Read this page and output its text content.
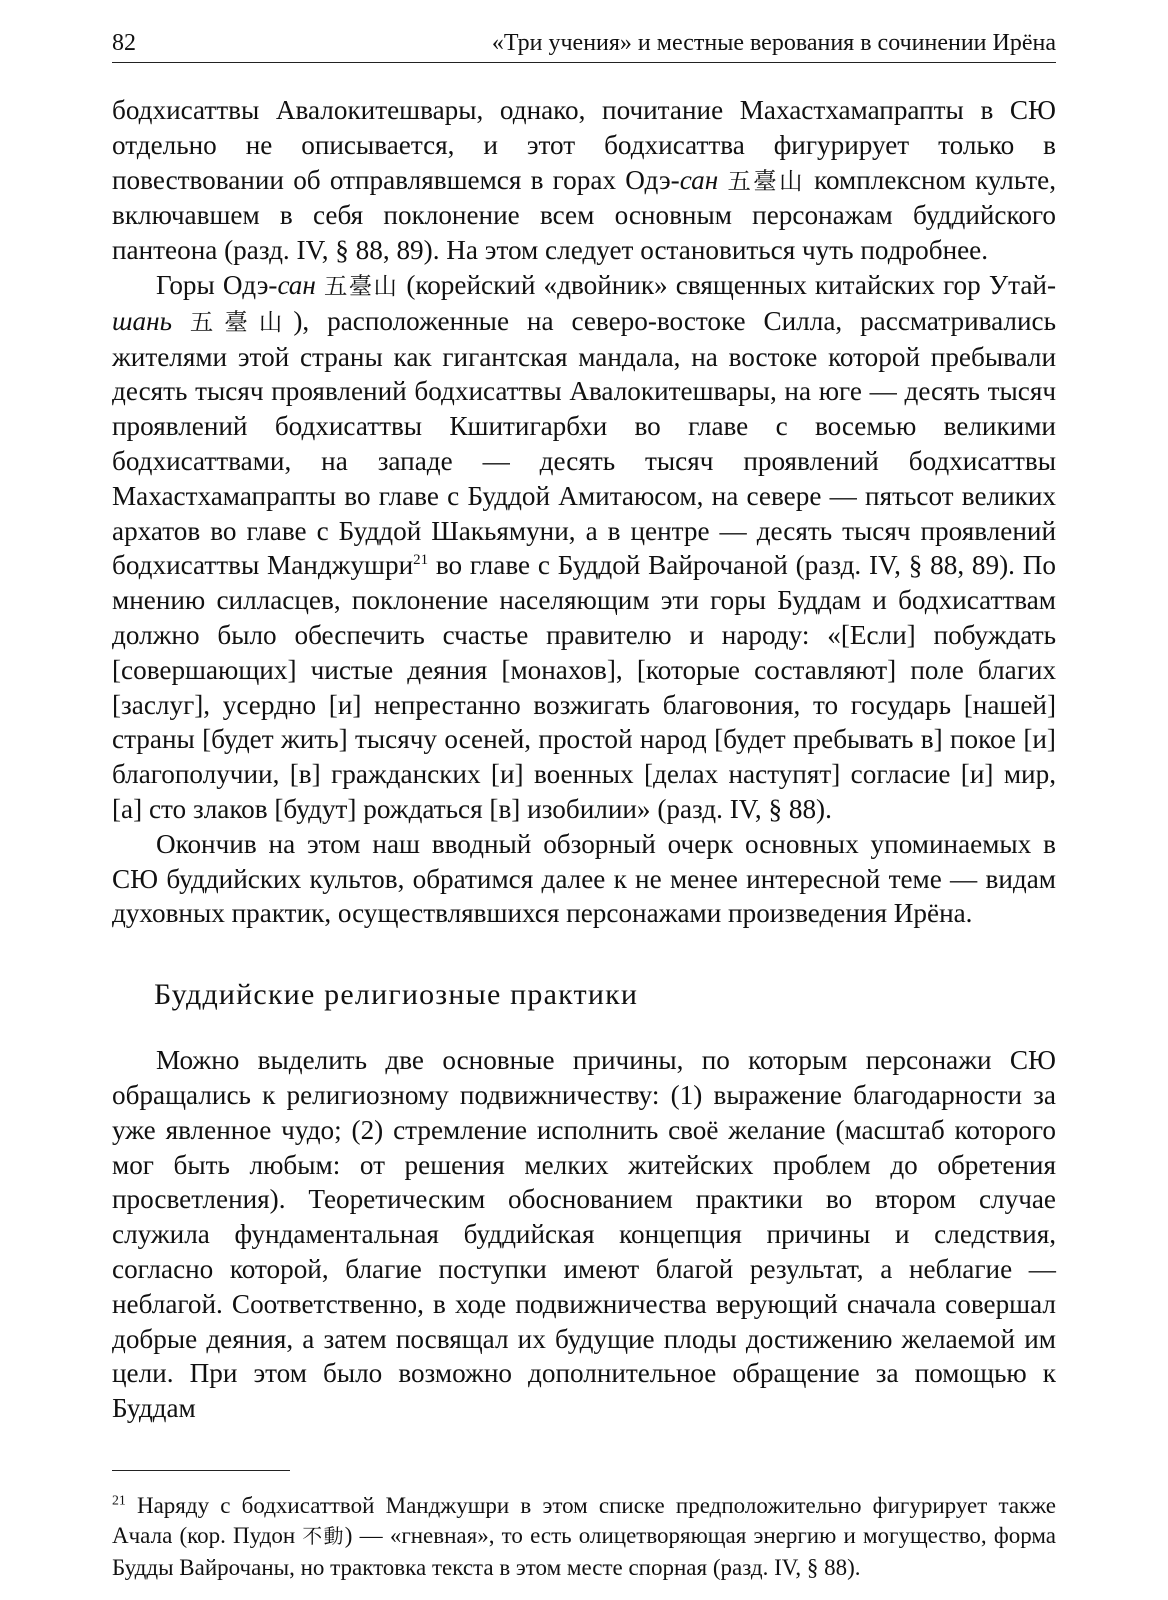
82	«Три учения» и местные верования в сочинении Ирёна

бодхисаттвы Авалокитешвары, однако, почитание Махастхамапрапты в СЮ отдельно не описывается, и этот бодхисаттва фигурирует только в повествовании об отправлявшемся в горах Одэ-сан 五臺山 комплексном культе, включавшем в себя поклонение всем основным персонажам буддийского пантеона (разд. IV, § 88, 89). На этом следует остановиться чуть подробнее.

Горы Одэ-сан 五臺山 (корейский «двойник» священных китайских гор Утай-шань 五臺山), расположенные на северо-востоке Силла, рассматривались жителями этой страны как гигантская мандала, на востоке которой пребывали десять тысяч проявлений бодхисаттвы Авалокитешвары, на юге — десять тысяч проявлений бодхисаттвы Кшитигарбхи во главе с восемью великими бодхисаттвами, на западе — десять тысяч проявлений бодхисаттвы Махастхамапрапты во главе с Буддой Амитаюсом, на севере — пятьсот великих архатов во главе с Буддой Шакьямуни, а в центре — десять тысяч проявлений бодхисаттвы Манджушри$^{21}$ во главе с Буддой Вайрочаной (разд. IV, § 88, 89). По мнению силласцев, поклонение населяющим эти горы Буддам и бодхисаттвам должно было обеспечить счастье правителю и народу: «[Если] побуждать [совершающих] чистые деяния [монахов], [которые составляют] поле благих [заслуг], усердно [и] непрестанно возжигать благовония, то государь [нашей] страны [будет жить] тысячу осеней, простой народ [будет пребывать в] покое [и] благополучии, [в] гражданских [и] военных [делах наступят] согласие [и] мир, [а] сто злаков [будут] рождаться [в] изобилии» (разд. IV, § 88).

Окончив на этом наш вводный обзорный очерк основных упоминаемых в СЮ буддийских культов, обратимся далее к не менее интересной теме — видам духовных практик, осуществлявшихся персонажами произведения Ирёна.

Буддийские религиозные практики

Можно выделить две основные причины, по которым персонажи СЮ обращались к религиозному подвижничеству: (1) выражение благодарности за уже явленное чудо; (2) стремление исполнить своё желание (масштаб которого мог быть любым: от решения мелких житейских проблем до обретения просветления). Теоретическим обоснованием практики во втором случае служила фундаментальная буддийская концепция причины и следствия, согласно которой, благие поступки имеют благой результат, а неблагие — неблагой. Соответственно, в ходе подвижничества верующий сначала совершал добрые деяния, а затем посвящал их будущие плоды достижению желаемой им цели. При этом было возможно дополнительное обращение за помощью к Буддам

$^{21}$ Наряду с бодхисаттвой Манджушри в этом списке предположительно фигурирует также Ачала (кор. Пудон 不動) — «гневная», то есть олицетворяющая энергию и могущество, форма Будды Вайрочаны, но трактовка текста в этом месте спорная (разд. IV, § 88).
